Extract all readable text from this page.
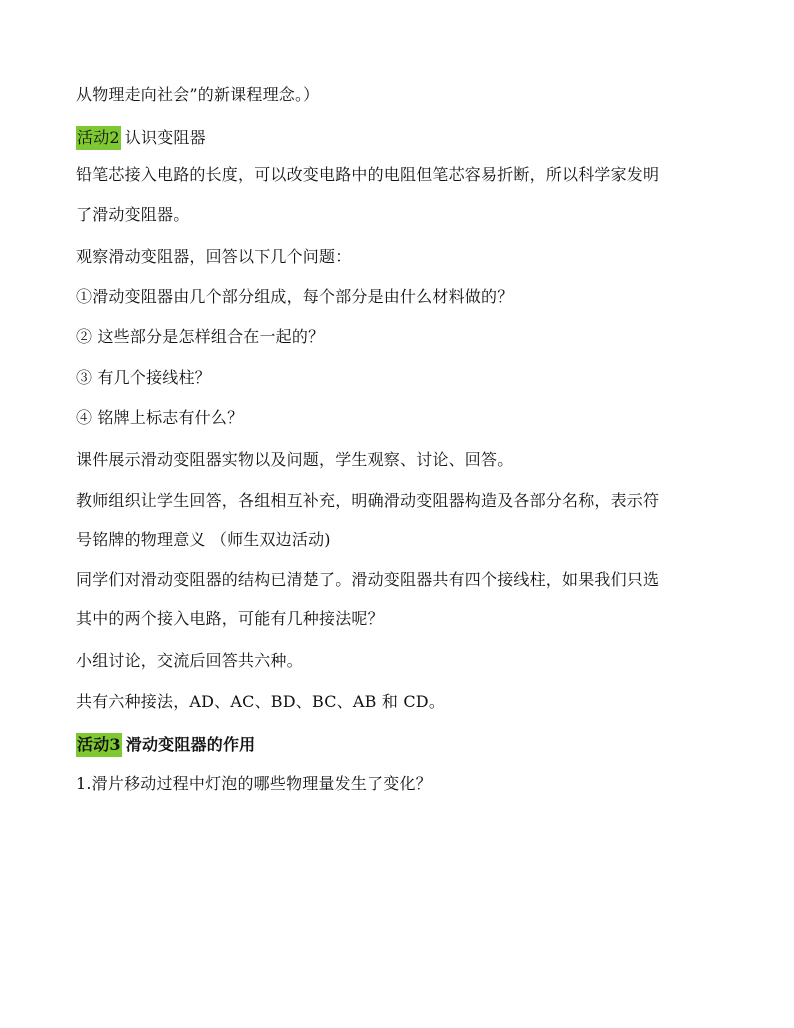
从物理走向社会”的新课程理念。）
活动2 认识变阻器
铅笔芯接入电路的长度，可以改变电路中的电阻但笔芯容易折断，所以科学家发明
了滑动变阻器。
观察滑动变阻器，回答以下几个问题：
①滑动变阻器由几个部分组成，每个部分是由什么材料做的？
② 这些部分是怎样组合在一起的？
③ 有几个接线柱？
④ 铭牌上标志有什么？
课件展示滑动变阻器实物以及问题，学生观察、讨论、回答。
教师组织让学生回答，各组相互补充，明确滑动变阻器构造及各部分名称，表示符
号铭牌的物理意义 （师生双边活动)
同学们对滑动变阻器的结构已清楚了。滑动变阻器共有四个接线柱，如果我们只选
其中的两个接入电路，可能有几种接法呢？
小组讨论，交流后回答共六种。
共有六种接法，AD、AC、BD、BC、AB 和 CD。
活动3 滑动变阻器的作用
1.滑片移动过程中灯泡的哪些物理量发生了变化？
